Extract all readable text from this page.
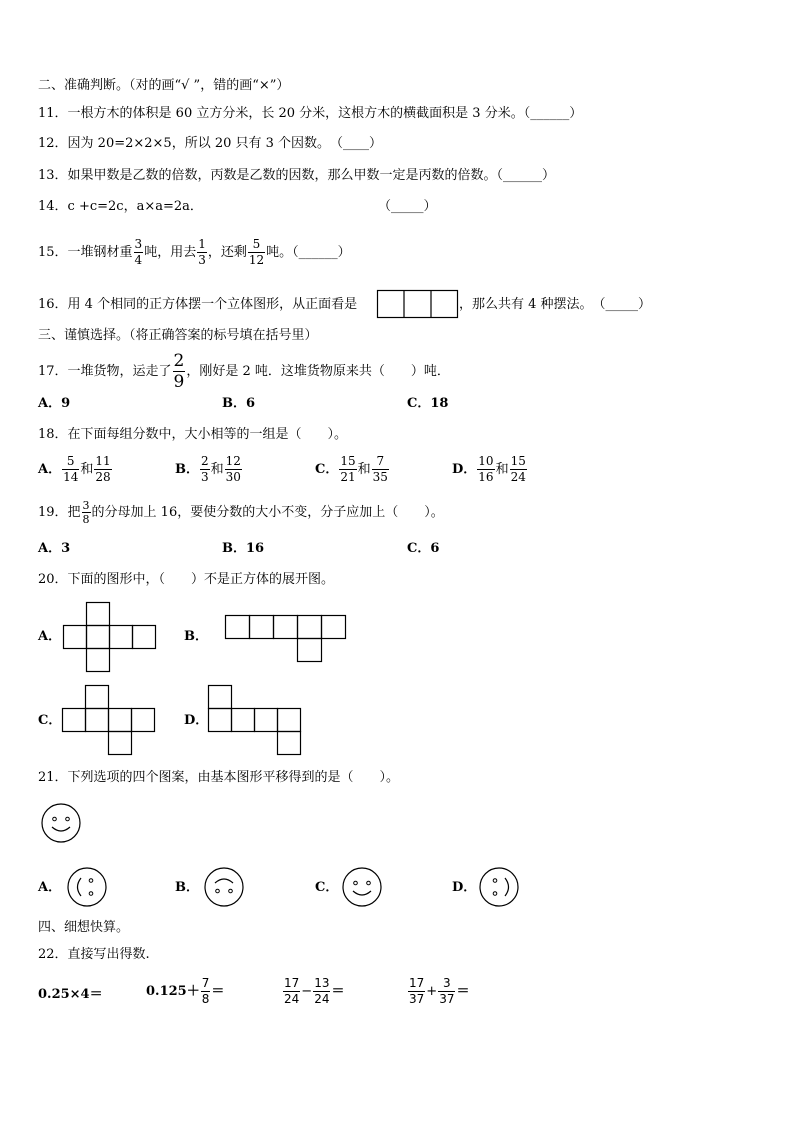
二、准确判断。（对的画“√ ”，错的画“×”）
11．一根方木的体积是 60 立方分米，长 20 分米，这根方木的横截面积是 3 分米。（______）
12．因为 20=2×2×5，所以 20 只有 3 个因数。　（____）
13．如果甲数是乙数的倍数，丙数是乙数的因数，那么甲数一定是丙数的倍数。（______）
14．c +c=2c，a×a=2a．	（_____）
15．一堆钢材重 $\frac{3}{4}$ 吨，用去 $\frac{1}{3}$ ，还剩 $\frac{5}{12}$ 吨。（______）
16．用 4 个相同的正方体摆一个立体图形，从正面看是	，那么共有 4 种摆法。　（_____）
三、谨慎选择。（将正确答案的标号填在括号里）
17．一堆货物，运走了 $\frac{2}{9}$ ，刚好是 2 吨．这堆货物原来共（　　）吨．
A．9	B．6	C．18
18．在下面每组分数中，大小相等的一组是（　　）。
A． $\frac{5}{14}$ 和 $\frac{11}{28}$	B． $\frac{2}{3}$ 和 $\frac{12}{30}$	C． $\frac{15}{21}$ 和 $\frac{7}{35}$	D． $\frac{10}{16}$ 和 $\frac{15}{24}$
19．把 $\frac{3}{8}$ 的分母加上 16，要使分数的大小不变，分子应加上（　　）。
A．3	B．16	C．6
20．下面的图形中，（　　）不是正方体的展开图。
A．	B．
C．	D．
21．下列选项的四个图案，由基本图形平移得到的是（　　）。
A．	B．	C．	D．
四、细想快算。
22．直接写出得数.
0.25×4＝	$0.125+ \frac{7}{8}$ ＝	$\frac{17}{24} - \frac{13}{24}$ ＝	$\frac{17}{37} + \frac{3}{37}$ ＝
